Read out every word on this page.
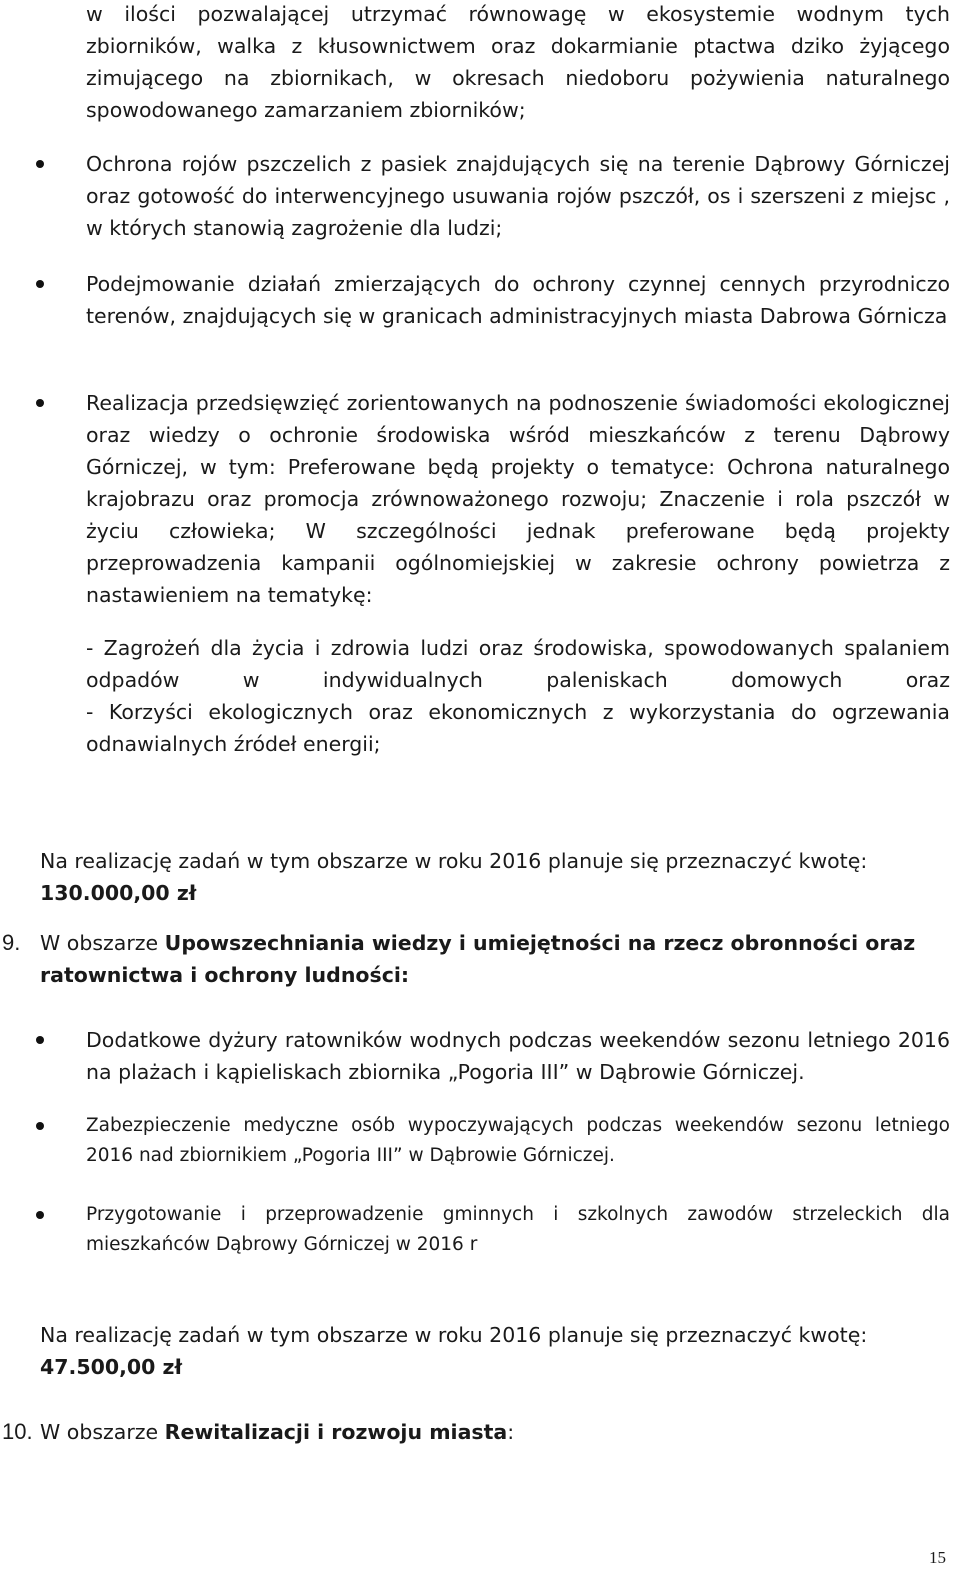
w ilości pozwalającej utrzymać równowagę w ekosystemie wodnym tych zbiorników, walka z kłusownictwem oraz dokarmianie ptactwa dziko żyjącego zimującego na zbiornikach, w okresach niedoboru pożywienia naturalnego spowodowanego zamarzaniem zbiorników;
Ochrona rojów pszczelich z pasiek znajdujących się na terenie Dąbrowy Górniczej oraz gotowość do interwencyjnego usuwania rojów pszczół, os i szerszeni z miejsc , w których stanowią zagrożenie dla ludzi;
Podejmowanie działań zmierzających do ochrony czynnej cennych przyrodniczo terenów, znajdujących się w granicach administracyjnych miasta Dabrowa Górnicza
Realizacja przedsięwzięć zorientowanych na podnoszenie świadomości ekologicznej oraz wiedzy o ochronie środowiska wśród mieszkańców z terenu Dąbrowy Górniczej, w tym: Preferowane będą projekty o tematyce: Ochrona naturalnego krajobrazu oraz promocja zrównoważonego rozwoju; Znaczenie i rola pszczół w życiu człowieka; W szczególności jednak preferowane będą projekty przeprowadzenia kampanii ogólnomiejskiej w zakresie ochrony powietrza z nastawieniem na tematykę:
- Zagrożeń dla życia i zdrowia ludzi oraz środowiska, spowodowanych spalaniem
odpadów w indywidualnych paleniskach domowych oraz
- Korzyści ekologicznych oraz ekonomicznych z wykorzystania do ogrzewania
odnawialnych źródeł energii;
Na realizację zadań w tym obszarze w roku 2016 planuje się przeznaczyć kwotę:
130.000,00 zł
9. W obszarze Upowszechniania wiedzy i umiejętności na rzecz obronności oraz ratownictwa i ochrony ludności:
Dodatkowe dyżury ratowników wodnych podczas weekendów sezonu letniego 2016 na plażach i kąpieliskach zbiornika „Pogoria III” w Dąbrowie Górniczej.
Zabezpieczenie medyczne osób wypoczywających podczas weekendów sezonu letniego 2016 nad zbiornikiem „Pogoria III” w Dąbrowie Górniczej.
Przygotowanie i przeprowadzenie gminnych i szkolnych zawodów strzeleckich dla mieszkańców Dąbrowy Górniczej w 2016 r
Na realizację zadań w tym obszarze w roku 2016 planuje się przeznaczyć kwotę:
47.500,00 zł
10. W obszarze Rewitalizacji i rozwoju miasta:
15
